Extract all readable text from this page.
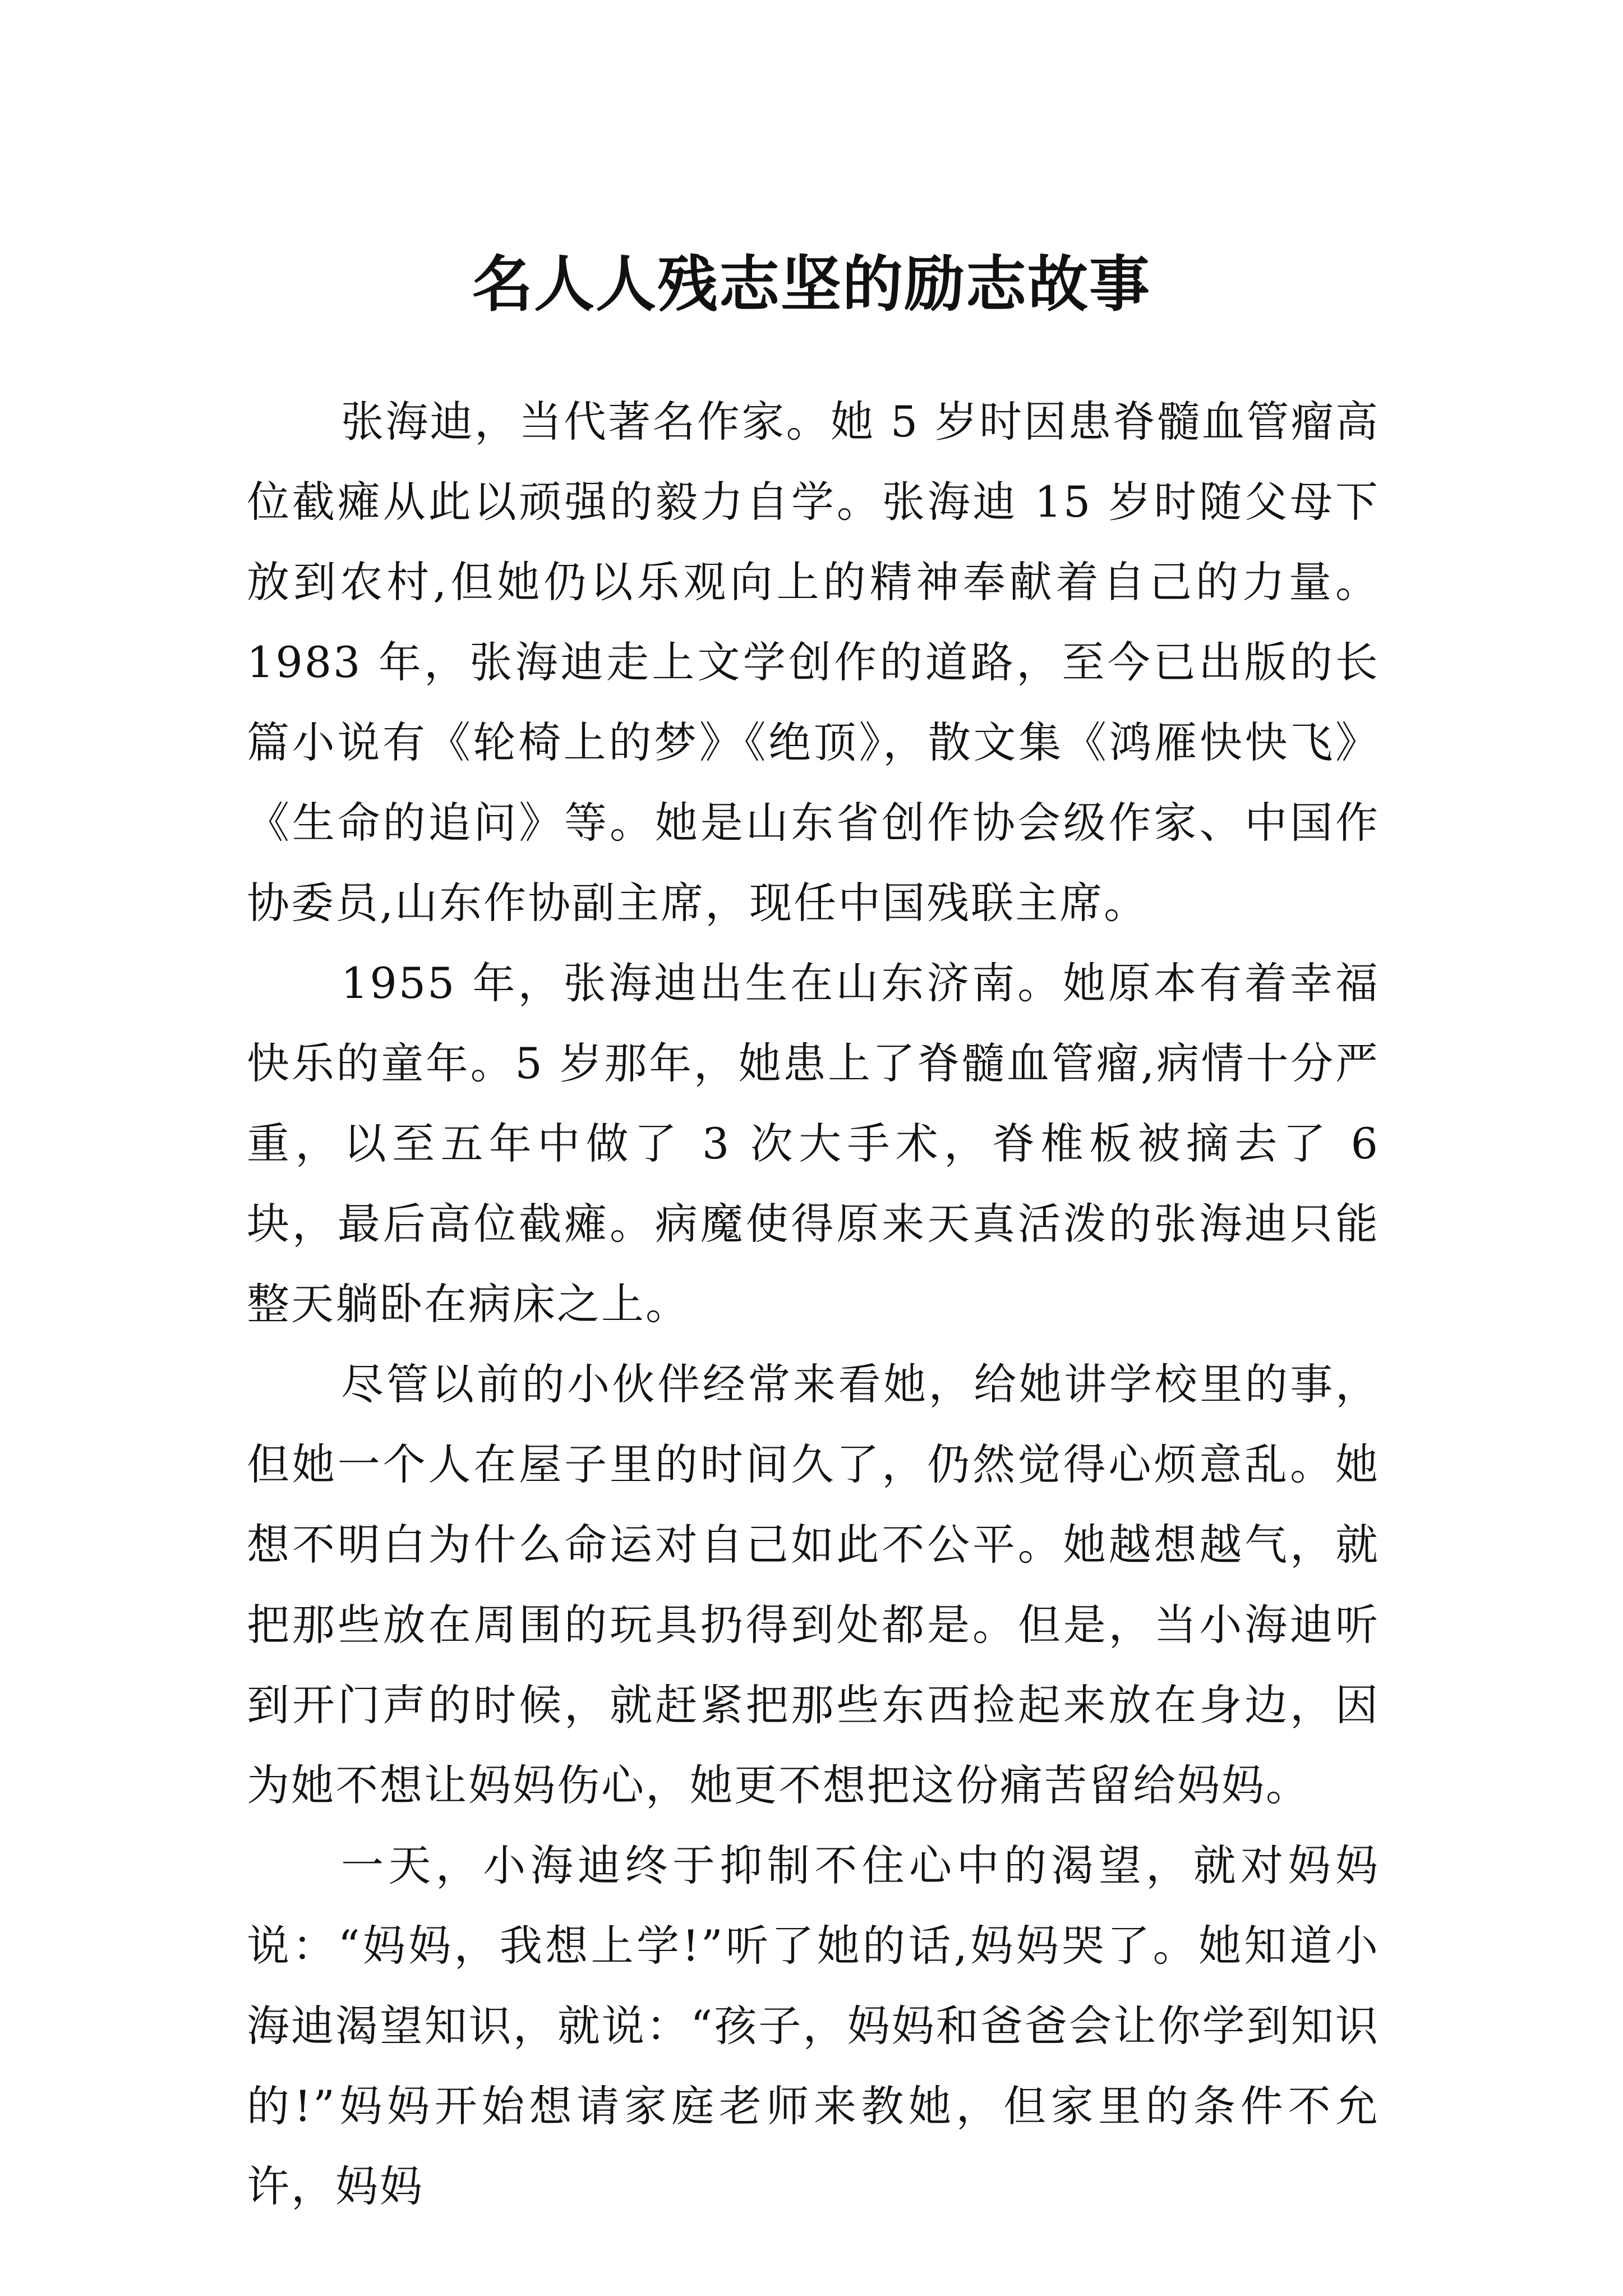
名人人残志坚的励志故事

张海迪，当代著名作家。她 5 岁时因患脊髓血管瘤高位截瘫从此以顽强的毅力自学。张海迪 15 岁时随父母下放到农村,但她仍以乐观向上的精神奉献着自己的力量。1983 年，张海迪走上文学创作的道路，至今已出版的长篇小说有《轮椅上的梦》《绝顶》，散文集《鸿雁快快飞》《生命的追问》等。她是山东省创作协会级作家、中国作协委员,山东作协副主席，现任中国残联主席。

1955 年，张海迪出生在山东济南。她原本有着幸福快乐的童年。5 岁那年，她患上了脊髓血管瘤,病情十分严重，以至五年中做了 3 次大手术，脊椎板被摘去了 6 块，最后高位截瘫。病魔使得原来天真活泼的张海迪只能整天躺卧在病床之上。

尽管以前的小伙伴经常来看她，给她讲学校里的事，但她一个人在屋子里的时间久了，仍然觉得心烦意乱。她想不明白为什么命运对自己如此不公平。她越想越气，就把那些放在周围的玩具扔得到处都是。但是，当小海迪听到开门声的时候，就赶紧把那些东西捡起来放在身边，因为她不想让妈妈伤心，她更不想把这份痛苦留给妈妈。

一天，小海迪终于抑制不住心中的渴望，就对妈妈说：“妈妈，我想上学!”听了她的话,妈妈哭了。她知道小海迪渴望知识，就说：“孩子，妈妈和爸爸会让你学到知识的!”妈妈开始想请家庭老师来教她，但家里的条件不允许，妈妈
